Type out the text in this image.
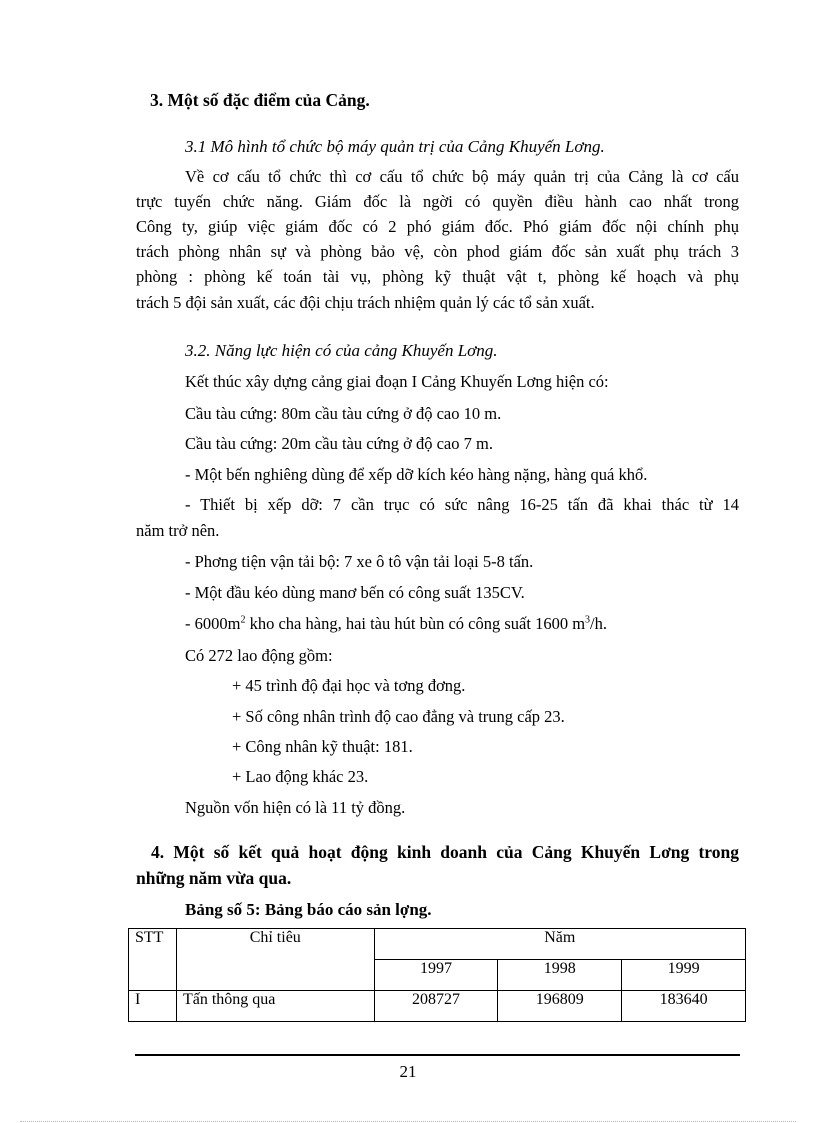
3. Một số đặc điểm của Cảng.
3.1 Mô hình tổ chức bộ máy quản trị của Cảng Khuyến Lơng.
Về cơ cấu tổ chức thì cơ cấu tổ chức bộ máy quản trị của Cảng là cơ cấu
trực tuyến chức năng. Giám đốc là ngời có quyền điều hành cao nhất trong
Công ty, giúp việc giám đốc có 2 phó giám đốc. Phó giám đốc nội chính phụ
trách phòng nhân sự và phòng bảo vệ, còn phod giám đốc sản xuất phụ trách 3
phòng : phòng kế toán tài vụ, phòng kỹ thuật vật t, phòng kế hoạch và phụ
trách 5 đội sản xuất, các đội chịu trách nhiệm quản lý các tổ sản xuất.
3.2. Năng lực hiện có của cảng Khuyến Lơng.
Kết thúc xây dựng cảng giai đoạn I Cảng Khuyến Lơng hiện có:
Cầu tàu cứng: 80m cầu tàu cứng ở độ cao 10 m.
Cầu tàu cứng: 20m cầu tàu cứng ở độ cao 7 m.
- Một bến nghiêng dùng để xếp dỡ kích kéo hàng nặng, hàng quá khổ.
- Thiết bị xếp dỡ: 7 cần trục có sức nâng 16-25 tấn đã khai thác từ 14
năm trở nên.
- Phơng tiện vận tải bộ: 7 xe ô tô vận tải loại 5-8 tấn.
- Một đầu kéo dùng manơ bến có công suất 135CV.
- $6000m^2$ kho cha hàng, hai tàu hút bùn có công suất 1600 $m^3/h$.
Có 272 lao động gồm:
+ 45 trình độ đại học và tơng đơng.
+ Số công nhân trình độ cao đẳng và trung cấp 23.
+ Công nhân kỹ thuật: 181.
+ Lao động khác 23.
Nguồn vốn hiện có là 11 tỷ đồng.
4. Một số kết quả hoạt động kinh doanh của Cảng Khuyến Lơng trong
những năm vừa qua.
Bảng số 5: Bảng báo cáo sản lợng.
STT	Chỉ tiêu	Năm		
		1997	1998	1999
I	Tấn thông qua	208727	196809	183640
21
